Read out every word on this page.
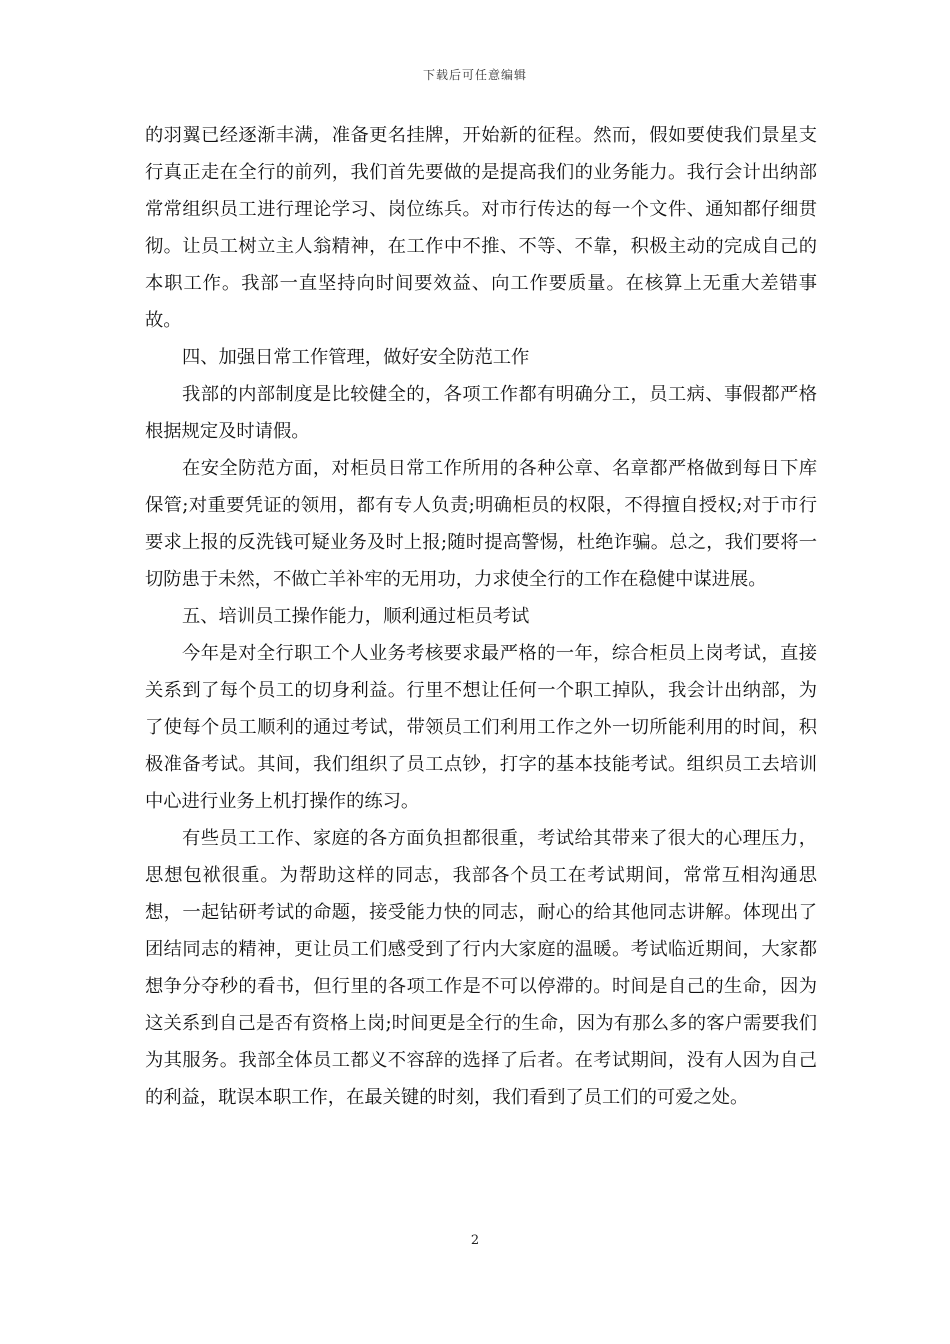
下载后可任意编辑

的羽翼已经逐渐丰满，准备更名挂牌，开始新的征程。然而，假如要使我们景星支行真正走在全行的前列，我们首先要做的是提高我们的业务能力。我行会计出纳部常常组织员工进行理论学习、岗位练兵。对市行传达的每一个文件、通知都仔细贯彻。让员工树立主人翁精神，在工作中不推、不等、不靠，积极主动的完成自己的本职工作。我部一直坚持向时间要效益、向工作要质量。在核算上无重大差错事故。

四、加强日常工作管理，做好安全防范工作

我部的内部制度是比较健全的，各项工作都有明确分工，员工病、事假都严格根据规定及时请假。

在安全防范方面，对柜员日常工作所用的各种公章、名章都严格做到每日下库保管;对重要凭证的领用，都有专人负责;明确柜员的权限，不得擅自授权;对于市行要求上报的反洗钱可疑业务及时上报;随时提高警惕，杜绝诈骗。总之，我们要将一切防患于未然，不做亡羊补牢的无用功，力求使全行的工作在稳健中谋进展。

五、培训员工操作能力，顺利通过柜员考试

今年是对全行职工个人业务考核要求最严格的一年，综合柜员上岗考试，直接关系到了每个员工的切身利益。行里不想让任何一个职工掉队，我会计出纳部，为了使每个员工顺利的通过考试，带领员工们利用工作之外一切所能利用的时间，积极准备考试。其间，我们组织了员工点钞，打字的基本技能考试。组织员工去培训中心进行业务上机打操作的练习。

有些员工工作、家庭的各方面负担都很重，考试给其带来了很大的心理压力，思想包袱很重。为帮助这样的同志，我部各个员工在考试期间，常常互相沟通思想，一起钻研考试的命题，接受能力快的同志，耐心的给其他同志讲解。体现出了团结同志的精神，更让员工们感受到了行内大家庭的温暖。考试临近期间，大家都想争分夺秒的看书，但行里的各项工作是不可以停滞的。时间是自己的生命，因为这关系到自己是否有资格上岗;时间更是全行的生命，因为有那么多的客户需要我们为其服务。我部全体员工都义不容辞的选择了后者。在考试期间，没有人因为自己的利益，耽误本职工作，在最关键的时刻，我们看到了员工们的可爱之处。

2
